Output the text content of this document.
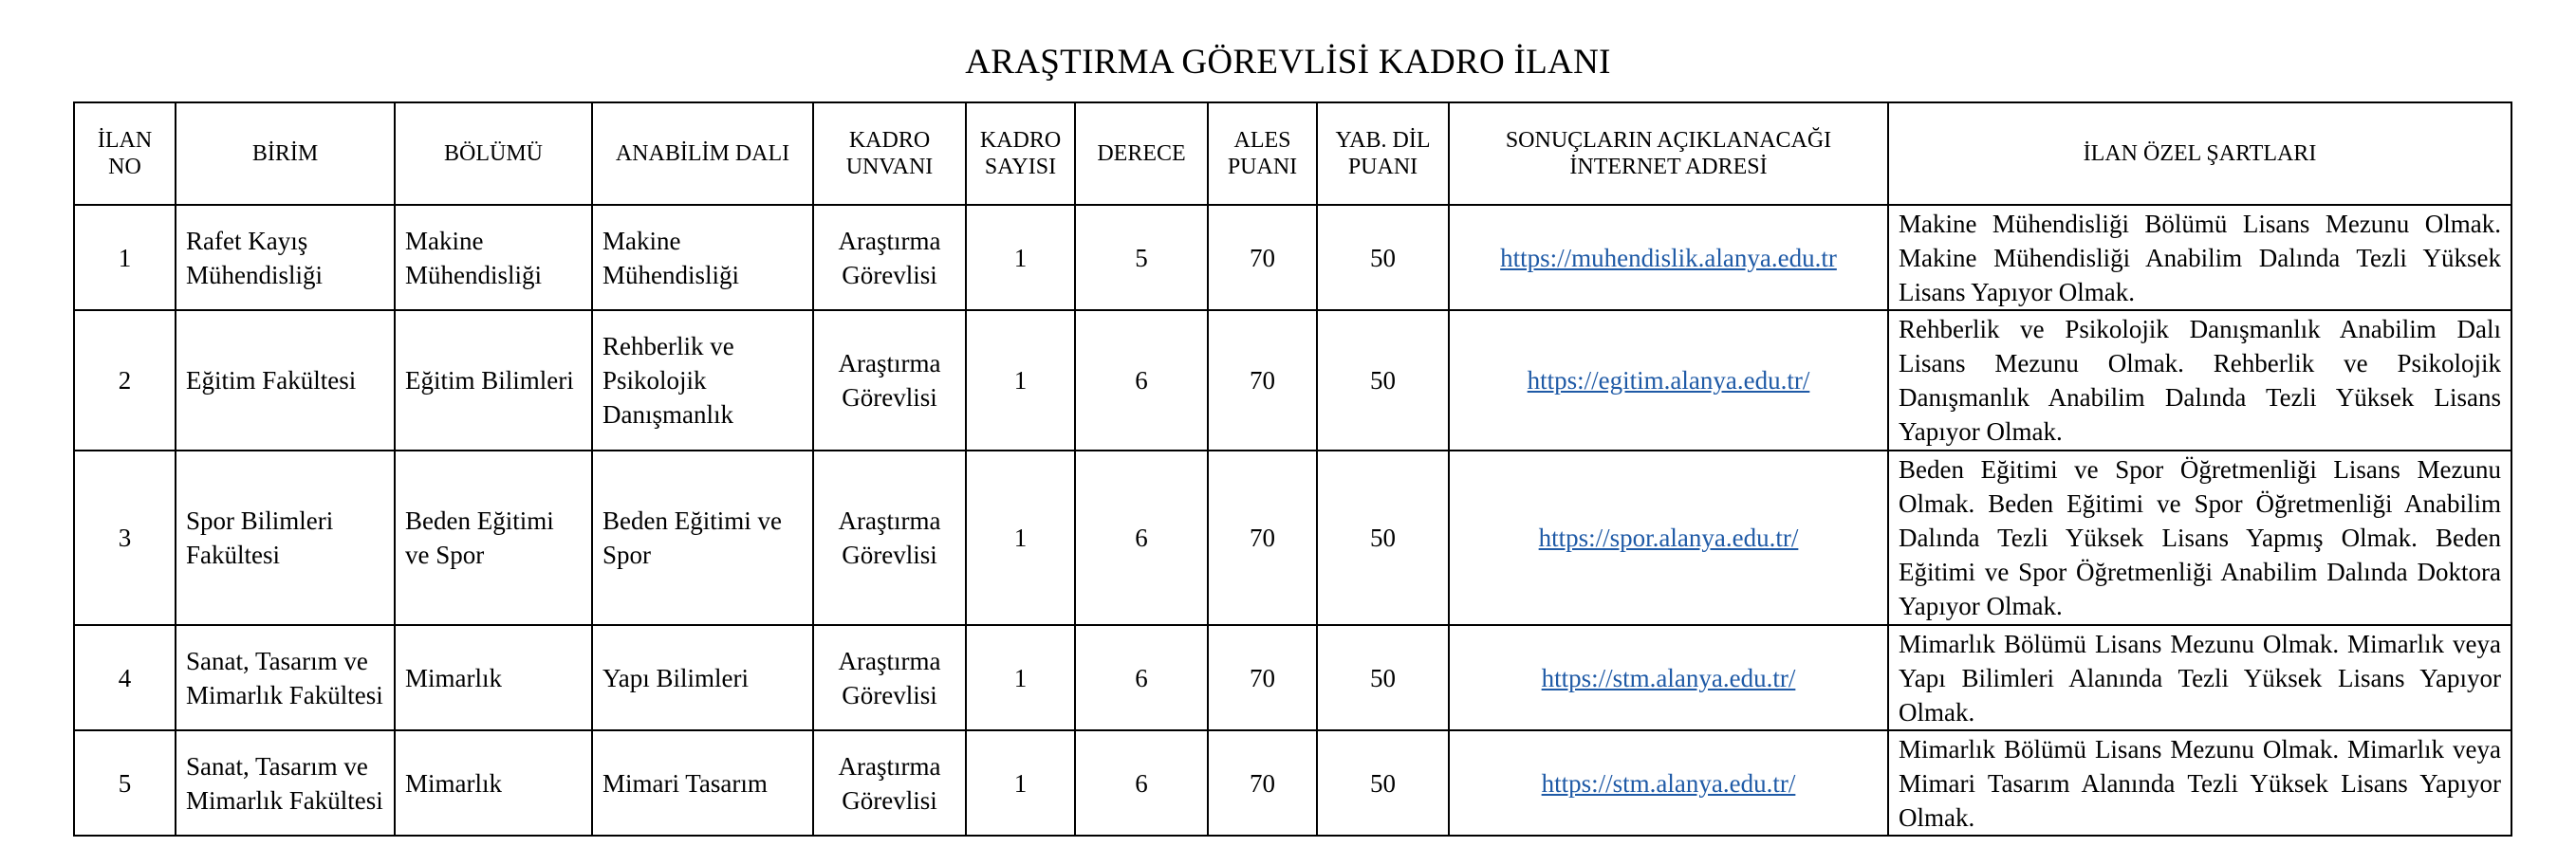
ARAŞTIRMA GÖREVLİSİ KADRO İLANI
İLAN NO	BİRİM	BÖLÜMÜ	ANABİLİM DALI	KADRO UNVANI	KADRO SAYISI	DERECE	ALES PUANI	YAB. DİL PUANI	SONUÇLARIN AÇIKLANACAĞI İNTERNET ADRESİ	İLAN ÖZEL ŞARTLARI
1	Rafet Kayış Mühendisliği	Makine Mühendisliği	Makine Mühendisliği	Araştırma Görevlisi	1	5	70	50	https://muhendislik.alanya.edu.tr	Makine Mühendisliği Bölümü Lisans Mezunu Olmak. Makine Mühendisliği Anabilim Dalında Tezli Yüksek Lisans Yapıyor Olmak.
2	Eğitim Fakültesi	Eğitim Bilimleri	Rehberlik ve Psikolojik Danışmanlık	Araştırma Görevlisi	1	6	70	50	https://egitim.alanya.edu.tr/	Rehberlik ve Psikolojik Danışmanlık Anabilim Dalı Lisans Mezunu Olmak. Rehberlik ve Psikolojik Danışmanlık Anabilim Dalında Tezli Yüksek Lisans Yapıyor Olmak.
3	Spor Bilimleri Fakültesi	Beden Eğitimi ve Spor	Beden Eğitimi ve Spor	Araştırma Görevlisi	1	6	70	50	https://spor.alanya.edu.tr/	Beden Eğitimi ve Spor Öğretmenliği Lisans Mezunu Olmak. Beden Eğitimi ve Spor Öğretmenliği Anabilim Dalında Tezli Yüksek Lisans Yapmış Olmak. Beden Eğitimi ve Spor Öğretmenliği Anabilim Dalında Doktora Yapıyor Olmak.
4	Sanat, Tasarım ve Mimarlık Fakültesi	Mimarlık	Yapı Bilimleri	Araştırma Görevlisi	1	6	70	50	https://stm.alanya.edu.tr/	Mimarlık Bölümü Lisans Mezunu Olmak. Mimarlık veya Yapı Bilimleri Alanında Tezli Yüksek Lisans Yapıyor Olmak.
5	Sanat, Tasarım ve Mimarlık Fakültesi	Mimarlık	Mimari Tasarım	Araştırma Görevlisi	1	6	70	50	https://stm.alanya.edu.tr/	Mimarlık Bölümü Lisans Mezunu Olmak. Mimarlık veya Mimari Tasarım Alanında Tezli Yüksek Lisans Yapıyor Olmak.
